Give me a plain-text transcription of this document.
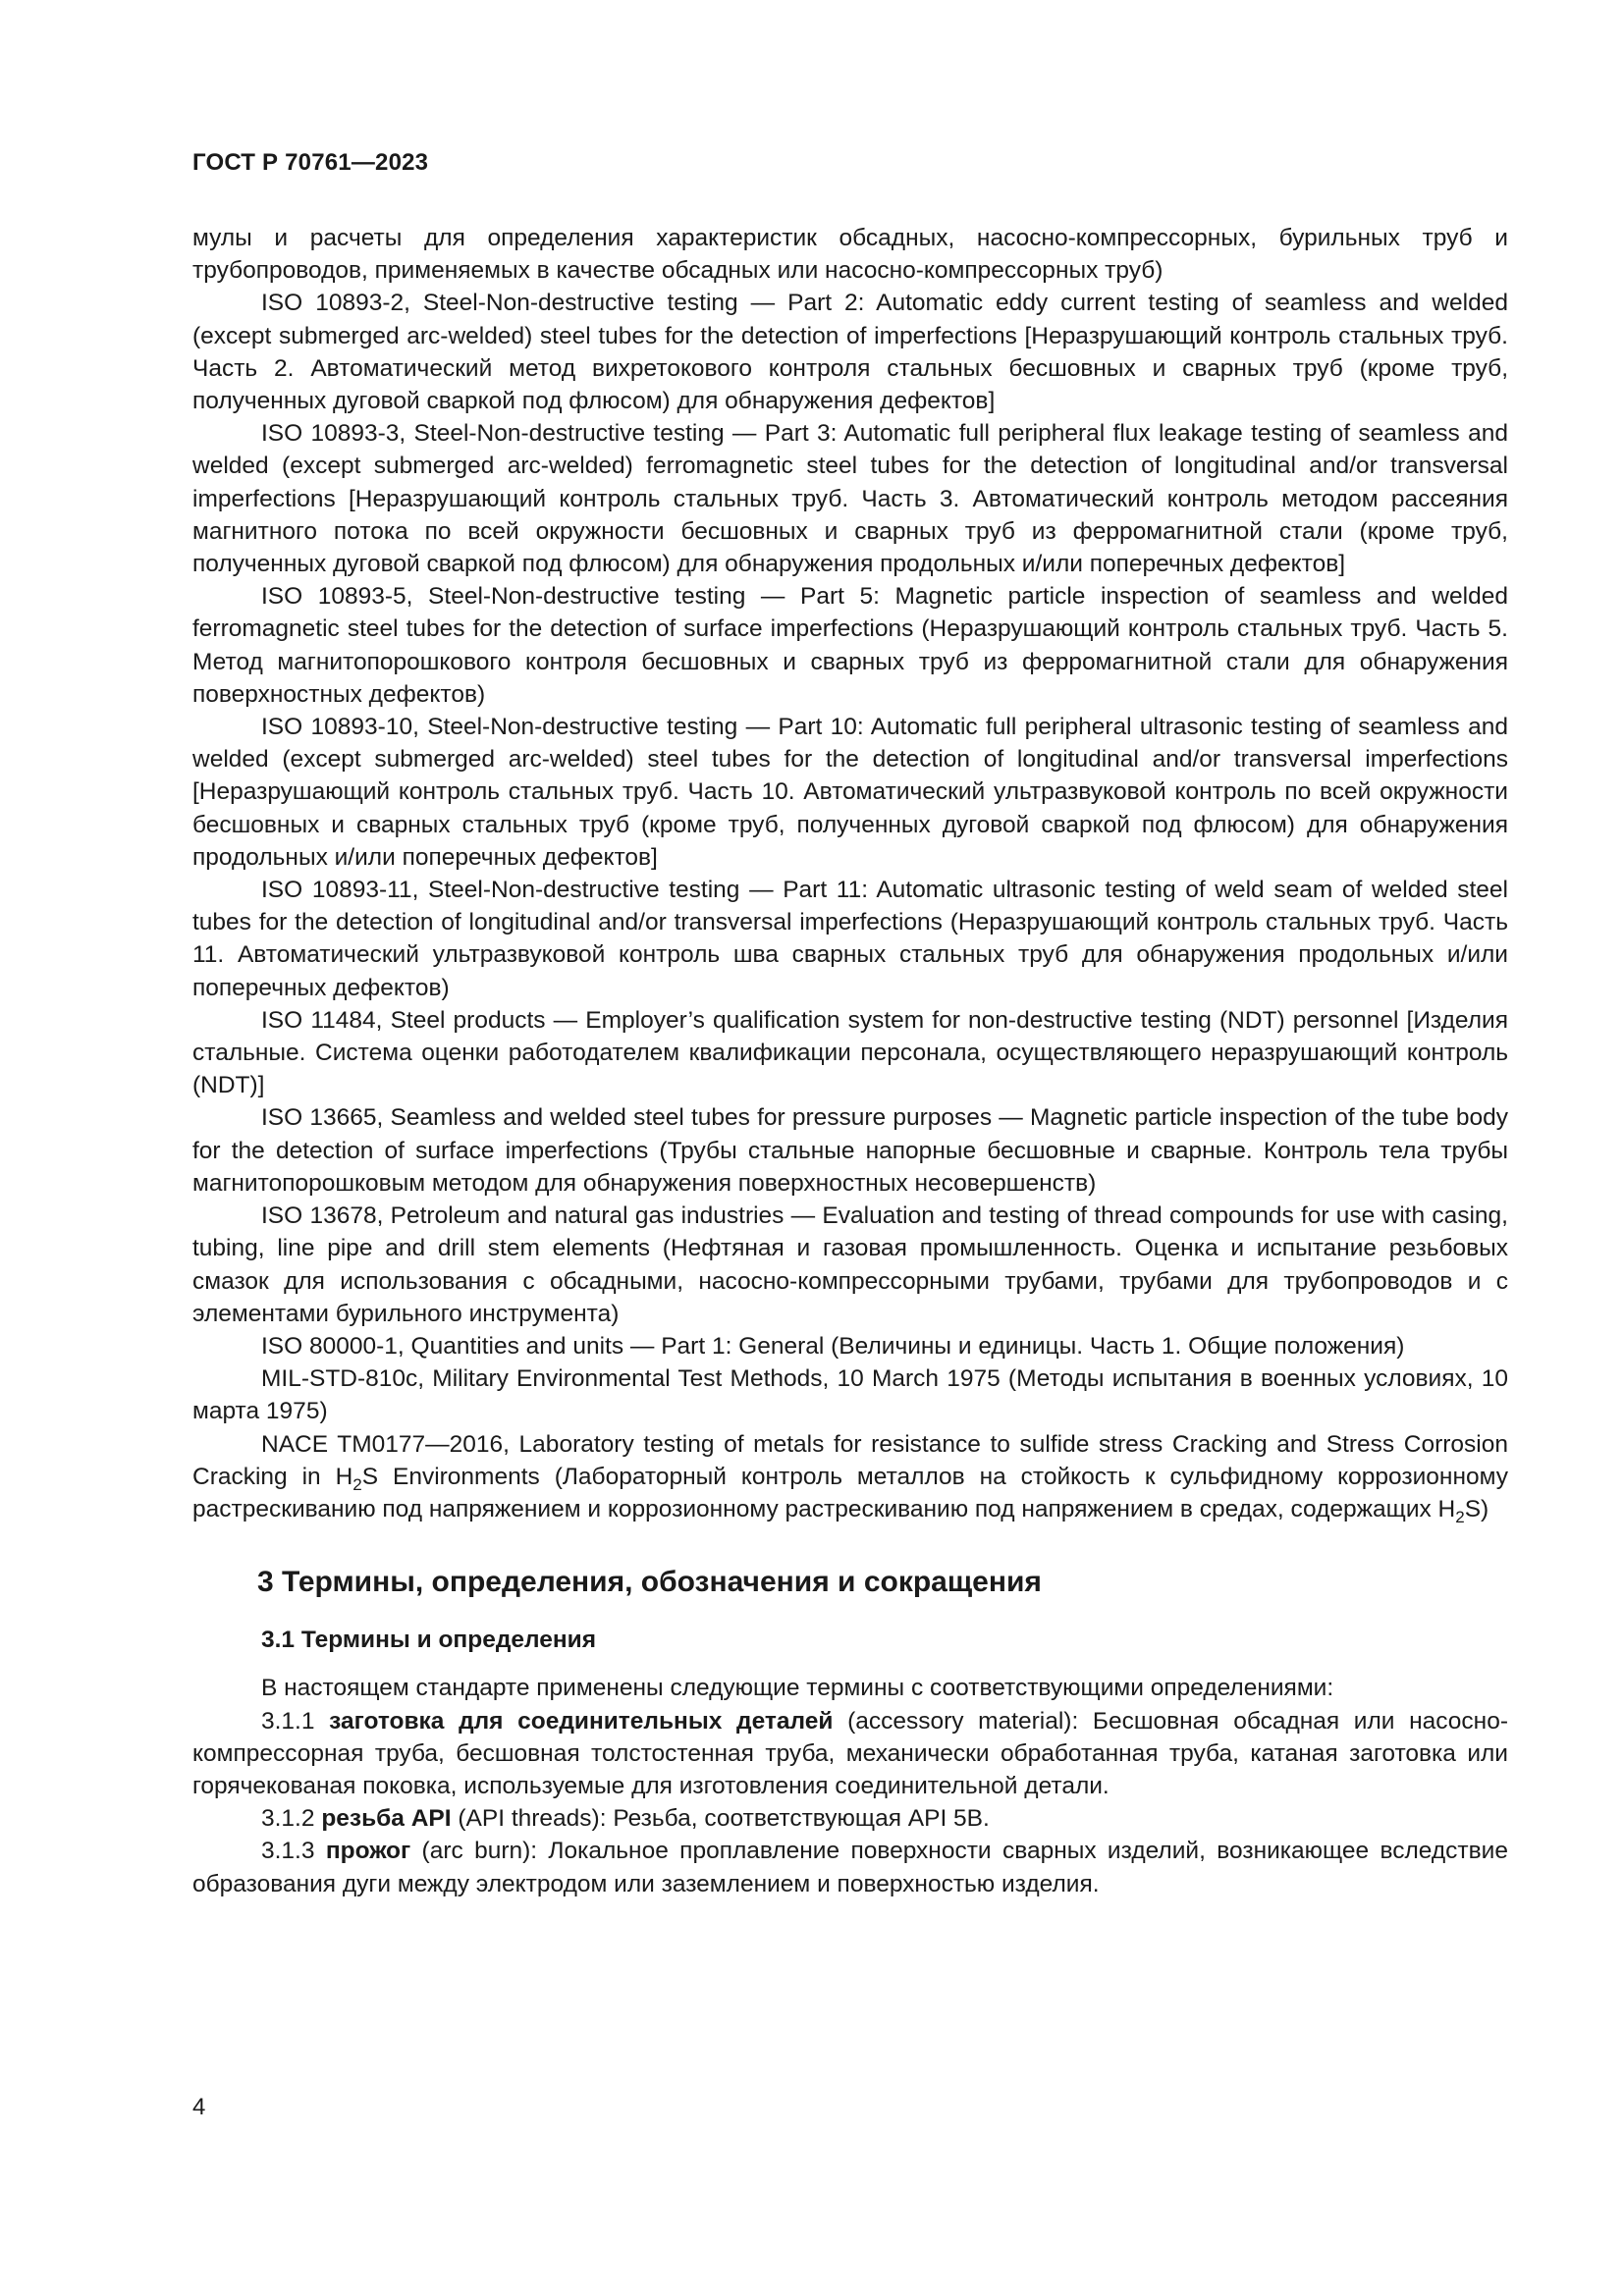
ГОСТ Р 70761—2023

мулы и расчеты для определения характеристик обсадных, насосно-компрессорных, бурильных труб и трубопроводов, применяемых в качестве обсадных или насосно-компрессорных труб)

ISO 10893-2, Steel-Non-destructive testing — Part 2: Automatic eddy current testing of seamless and welded (except submerged arc-welded) steel tubes for the detection of imperfections [Неразрушающий контроль стальных труб. Часть 2. Автоматический метод вихретокового контроля стальных бесшовных и сварных труб (кроме труб, полученных дуговой сваркой под флюсом) для обнаружения дефектов]

ISO 10893-3, Steel-Non-destructive testing — Part 3: Automatic full peripheral flux leakage testing of seamless and welded (except submerged arc-welded) ferromagnetic steel tubes for the detection of longitudinal and/or transversal imperfections [Неразрушающий контроль стальных труб. Часть 3. Автоматический контроль методом рассеяния магнитного потока по всей окружности бесшовных и сварных труб из ферромагнитной стали (кроме труб, полученных дуговой сваркой под флюсом) для обнаружения продольных и/или поперечных дефектов]

ISO 10893-5, Steel-Non-destructive testing — Part 5: Magnetic particle inspection of seamless and welded ferromagnetic steel tubes for the detection of surface imperfections (Неразрушающий контроль стальных труб. Часть 5. Метод магнитопорошкового контроля бесшовных и сварных труб из ферромагнитной стали для обнаружения поверхностных дефектов)

ISO 10893-10, Steel-Non-destructive testing — Part 10: Automatic full peripheral ultrasonic testing of seamless and welded (except submerged arc-welded) steel tubes for the detection of longitudinal and/or transversal imperfections [Неразрушающий контроль стальных труб. Часть 10. Автоматический ультразвуковой контроль по всей окружности бесшовных и сварных стальных труб (кроме труб, полученных дуговой сваркой под флюсом) для обнаружения продольных и/или поперечных дефектов]

ISO 10893-11, Steel-Non-destructive testing — Part 11: Automatic ultrasonic testing of weld seam of welded steel tubes for the detection of longitudinal and/or transversal imperfections (Неразрушающий контроль стальных труб. Часть 11. Автоматический ультразвуковой контроль шва сварных стальных труб для обнаружения продольных и/или поперечных дефектов)

ISO 11484, Steel products — Employer’s qualification system for non-destructive testing (NDT) personnel [Изделия стальные. Система оценки работодателем квалификации персонала, осуществляющего неразрушающий контроль (NDT)]

ISO 13665, Seamless and welded steel tubes for pressure purposes — Magnetic particle inspection of the tube body for the detection of surface imperfections (Трубы стальные напорные бесшовные и сварные. Контроль тела трубы магнитопорошковым методом для обнаружения поверхностных несовершенств)

ISO 13678, Petroleum and natural gas industries — Evaluation and testing of thread compounds for use with casing, tubing, line pipe and drill stem elements (Нефтяная и газовая промышленность. Оценка и испытание резьбовых смазок для использования с обсадными, насосно-компрессорными трубами, трубами для трубопроводов и с элементами бурильного инструмента)

ISO 80000-1, Quantities and units — Part 1: General (Величины и единицы. Часть 1. Общие положения)

MIL-STD-810c, Military Environmental Test Methods, 10 March 1975 (Методы испытания в военных условиях, 10 марта 1975)

NACE TM0177—2016, Laboratory testing of metals for resistance to sulfide stress Cracking and Stress Corrosion Cracking in $H_2S$ Environments (Лабораторный контроль металлов на стойкость к сульфидному коррозионному растрескиванию под напряжением и коррозионному растрескиванию под напряжением в средах, содержащих $H_2S$)

3 Термины, определения, обозначения и сокращения

3.1 Термины и определения

В настоящем стандарте применены следующие термины с соответствующими определениями:

3.1.1 заготовка для соединительных деталей (accessory material): Бесшовная обсадная или насосно-компрессорная труба, бесшовная толстостенная труба, механически обработанная труба, катаная заготовка или горячекованая поковка, используемые для изготовления соединительной детали.

3.1.2 резьба API (API threads): Резьба, соответствующая API 5B.

3.1.3 прожог (arc burn): Локальное проплавление поверхности сварных изделий, возникающее вследствие образования дуги между электродом или заземлением и поверхностью изделия.

4
